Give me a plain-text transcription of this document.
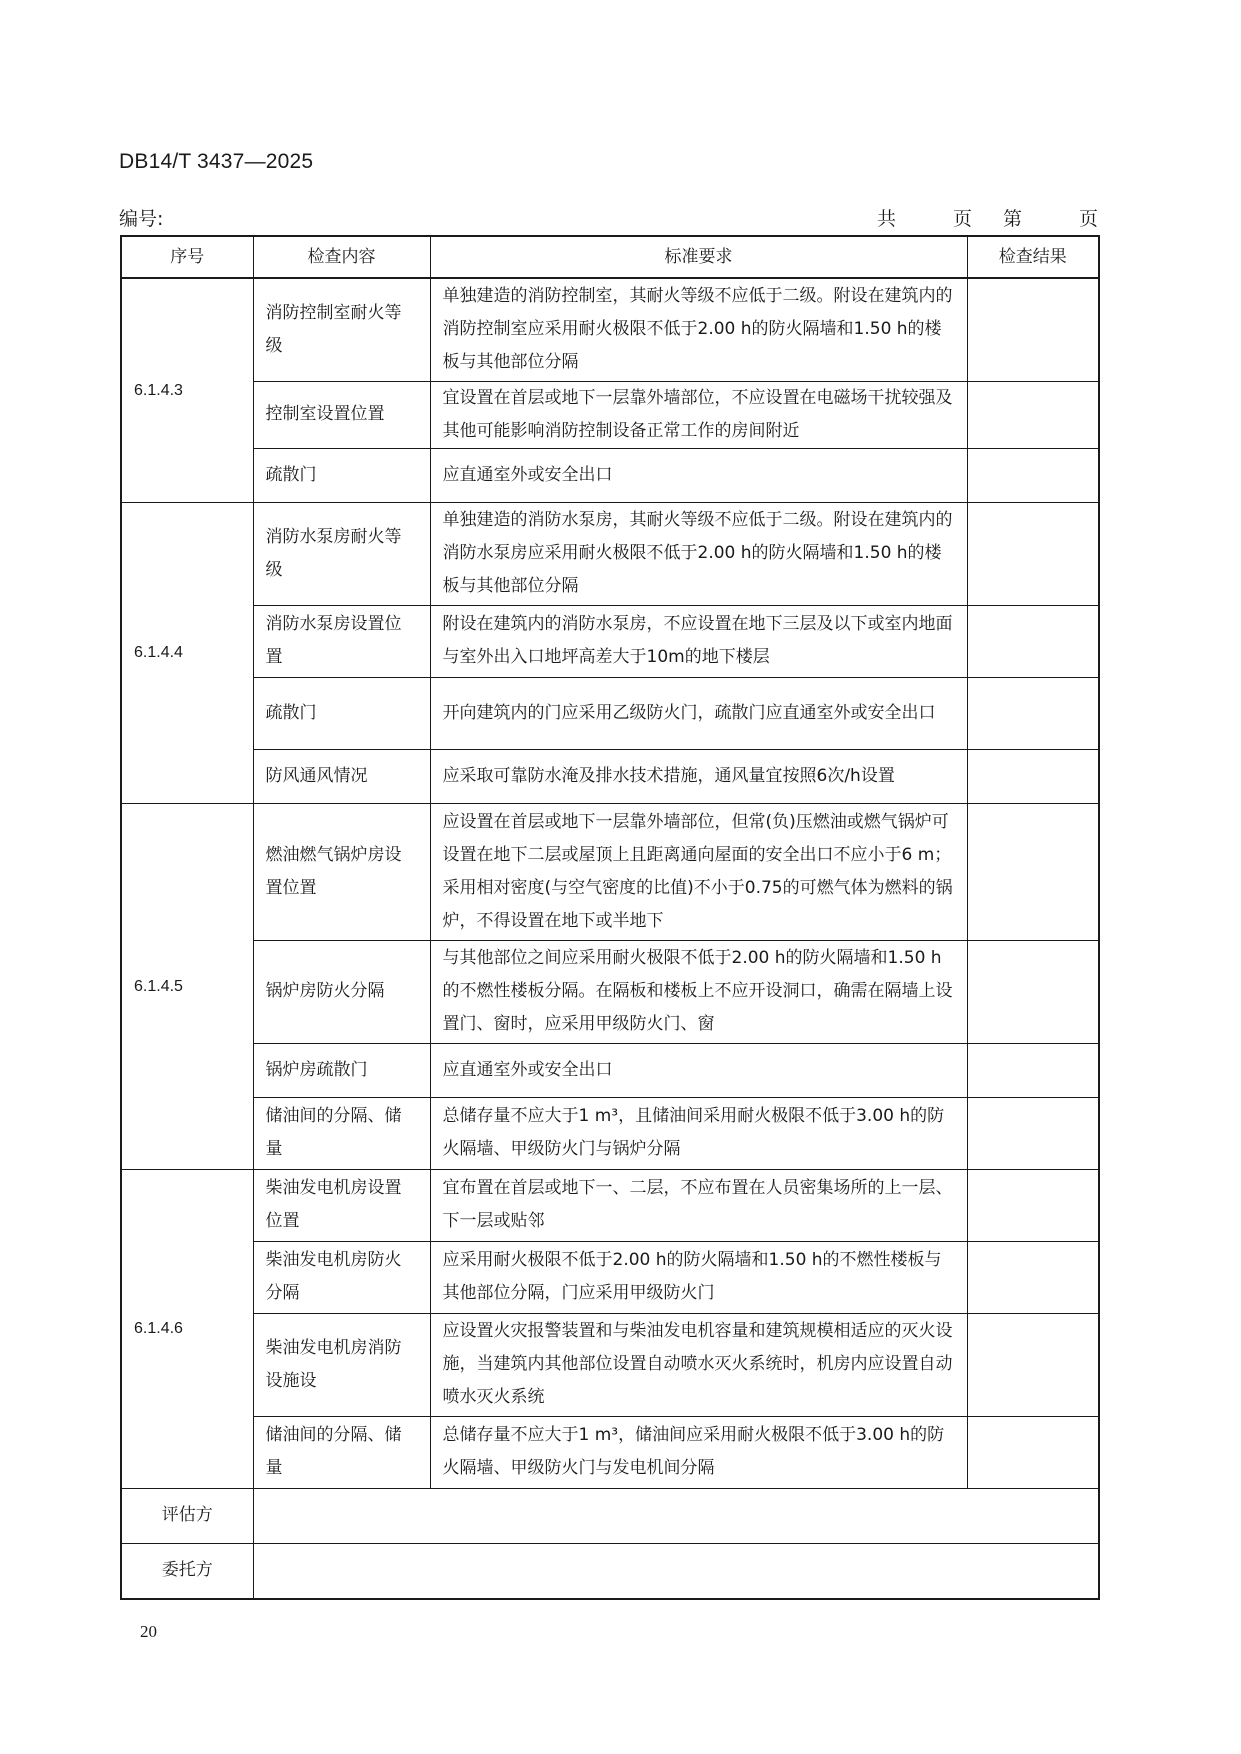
DB14/T 3437—2025
编号:	共	页	第	页
序号	检查内容	标准要求	检查结果
6.1.4.3	消防控制室耐火等级	单独建造的消防控制室，其耐火等级不应低于二级。附设在建筑内的消防控制室应采用耐火极限不低于2.00 h的防火隔墙和1.50 h的楼板与其他部位分隔	
	控制室设置位置	宜设置在首层或地下一层靠外墙部位，不应设置在电磁场干扰较强及其他可能影响消防控制设备正常工作的房间附近	
	疏散门	应直通室外或安全出口	
6.1.4.4	消防水泵房耐火等级	单独建造的消防水泵房，其耐火等级不应低于二级。附设在建筑内的消防水泵房应采用耐火极限不低于2.00 h的防火隔墙和1.50 h的楼板与其他部位分隔	
	消防水泵房设置位置	附设在建筑内的消防水泵房，不应设置在地下三层及以下或室内地面与室外出入口地坪高差大于10m的地下楼层	
	疏散门	开向建筑内的门应采用乙级防火门，疏散门应直通室外或安全出口	
	防风通风情况	应采取可靠防水淹及排水技术措施，通风量宜按照6次/h设置	
6.1.4.5	燃油燃气锅炉房设置位置	应设置在首层或地下一层靠外墙部位，但常(负)压燃油或燃气锅炉可设置在地下二层或屋顶上且距离通向屋面的安全出口不应小于6 m；采用相对密度(与空气密度的比值)不小于0.75的可燃气体为燃料的锅炉，不得设置在地下或半地下	
	锅炉房防火分隔	与其他部位之间应采用耐火极限不低于2.00 h的防火隔墙和1.50 h的不燃性楼板分隔。在隔板和楼板上不应开设洞口，确需在隔墙上设置门、窗时，应采用甲级防火门、窗	
	锅炉房疏散门	应直通室外或安全出口	
	储油间的分隔、储量	总储存量不应大于1 m³，且储油间采用耐火极限不低于3.00 h的防火隔墙、甲级防火门与锅炉分隔	
6.1.4.6	柴油发电机房设置位置	宜布置在首层或地下一、二层，不应布置在人员密集场所的上一层、下一层或贴邻	
	柴油发电机房防火分隔	应采用耐火极限不低于2.00 h的防火隔墙和1.50 h的不燃性楼板与其他部位分隔，门应采用甲级防火门	
	柴油发电机房消防设施设	应设置火灾报警装置和与柴油发电机容量和建筑规模相适应的灭火设施，当建筑内其他部位设置自动喷水灭火系统时，机房内应设置自动喷水灭火系统	
	储油间的分隔、储量	总储存量不应大于1 m³，储油间应采用耐火极限不低于3.00 h的防火隔墙、甲级防火门与发电机间分隔	
评估方			
委托方			
20
